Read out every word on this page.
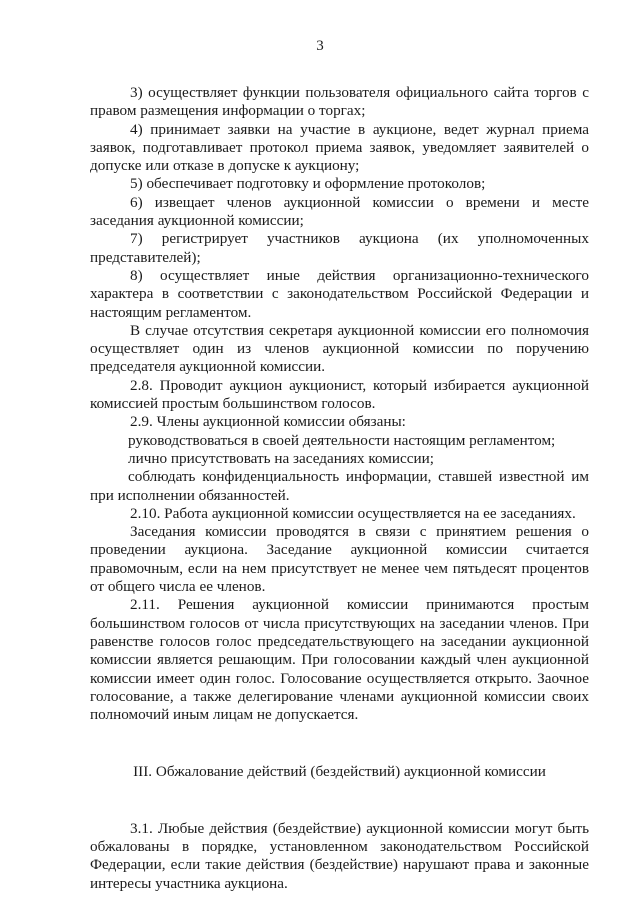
3

3) осуществляет функции пользователя официального сайта торгов с правом размещения информации о торгах;

4) принимает заявки на участие в аукционе, ведет журнал приема заявок, подготавливает протокол приема заявок, уведомляет заявителей о допуске или отказе в допуске к аукциону;

5) обеспечивает подготовку и оформление протоколов;

6) извещает членов аукционной комиссии о времени и месте заседания аукционной комиссии;

7) регистрирует участников аукциона (их уполномоченных представителей);

8) осуществляет иные действия организационно-технического характера в соответствии с законодательством Российской Федерации и настоящим регламентом.

В случае отсутствия секретаря аукционной комиссии его полномочия осуществляет один из членов аукционной комиссии по поручению председателя аукционной комиссии.

2.8. Проводит аукцион аукционист, который избирается аукционной комиссией простым большинством голосов.

2.9. Члены аукционной комиссии обязаны:

руководствоваться в своей деятельности настоящим регламентом;

лично присутствовать на заседаниях комиссии;

соблюдать конфиденциальность информации, ставшей известной им при исполнении обязанностей.

2.10. Работа аукционной комиссии осуществляется на ее заседаниях.

Заседания комиссии проводятся в связи с принятием решения о проведении аукциона. Заседание аукционной комиссии считается правомочным, если на нем присутствует не менее чем пятьдесят процентов от общего числа ее членов.

2.11. Решения аукционной комиссии принимаются простым большинством голосов от числа присутствующих на заседании членов. При равенстве голосов голос председательствующего на заседании аукционной комиссии является решающим. При голосовании каждый член аукционной комиссии имеет один голос. Голосование осуществляется открыто. Заочное голосование, а также делегирование членами аукционной комиссии своих полномочий иным лицам не допускается.

III. Обжалование действий (бездействий) аукционной комиссии

3.1. Любые действия (бездействие) аукционной комиссии могут быть обжалованы в порядке, установленном законодательством Российской Федерации, если такие действия (бездействие) нарушают права и законные интересы участника аукциона.
